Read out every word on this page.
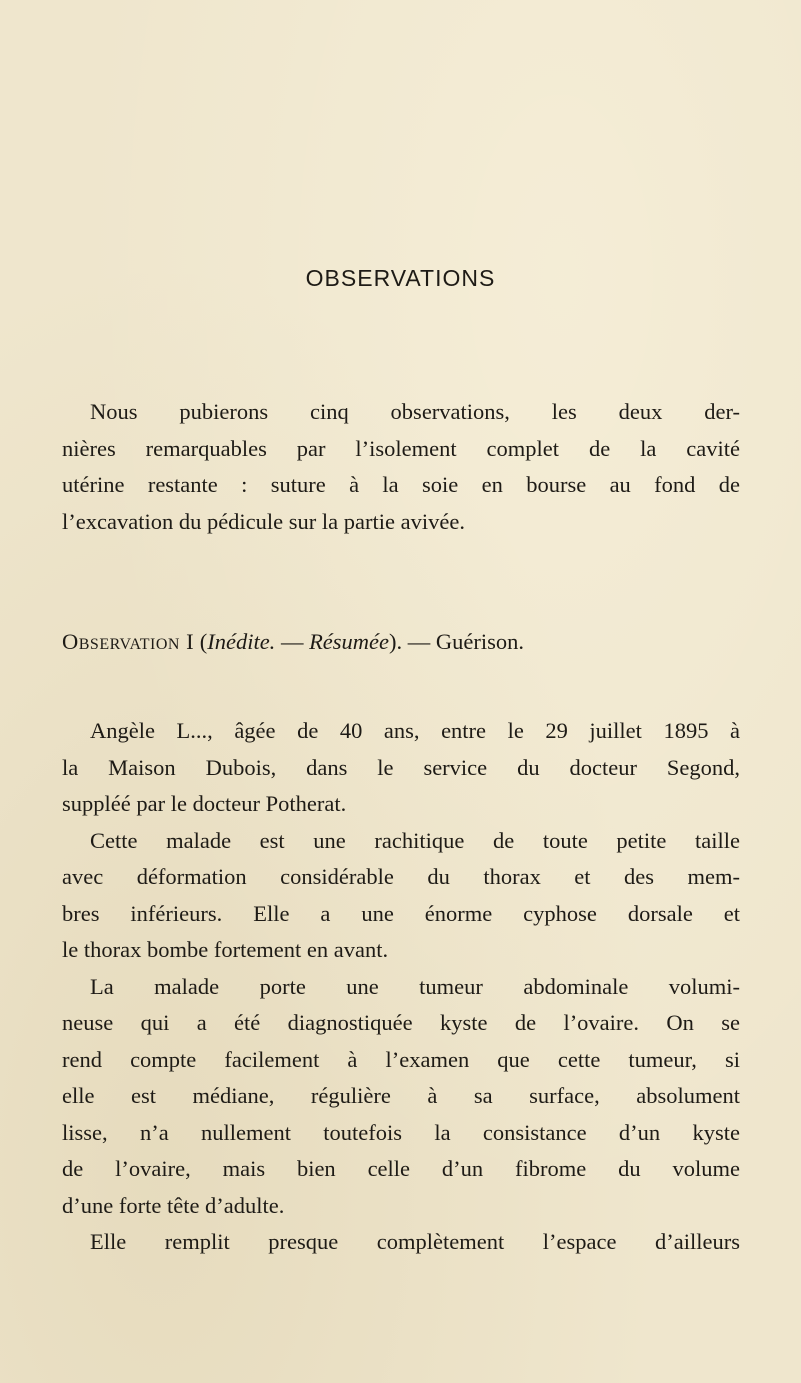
OBSERVATIONS
Nous pubierons cinq observations, les deux der-
nières remarquables par l’isolement complet de la cavité
utérine restante : suture à la soie en bourse au fond de
l’excavation du pédicule sur la partie avivée.
Observation I (Inédite. — Résumée). — Guérison.
Angèle L..., âgée de 40 ans, entre le 29 juillet 1895 à
la Maison Dubois, dans le service du docteur Segond,
suppléé par le docteur Potherat.
Cette malade est une rachitique de toute petite taille
avec déformation considérable du thorax et des mem-
bres inférieurs. Elle a une énorme cyphose dorsale et
le thorax bombe fortement en avant.
La malade porte une tumeur abdominale volumi-
neuse qui a été diagnostiquée kyste de l’ovaire. On se
rend compte facilement à l’examen que cette tumeur, si
elle est médiane, régulière à sa surface, absolument
lisse, n’a nullement toutefois la consistance d’un kyste
de l’ovaire, mais bien celle d’un fibrome du volume
d’une forte tête d’adulte.
Elle remplit presque complètement l’espace d’ailleurs
